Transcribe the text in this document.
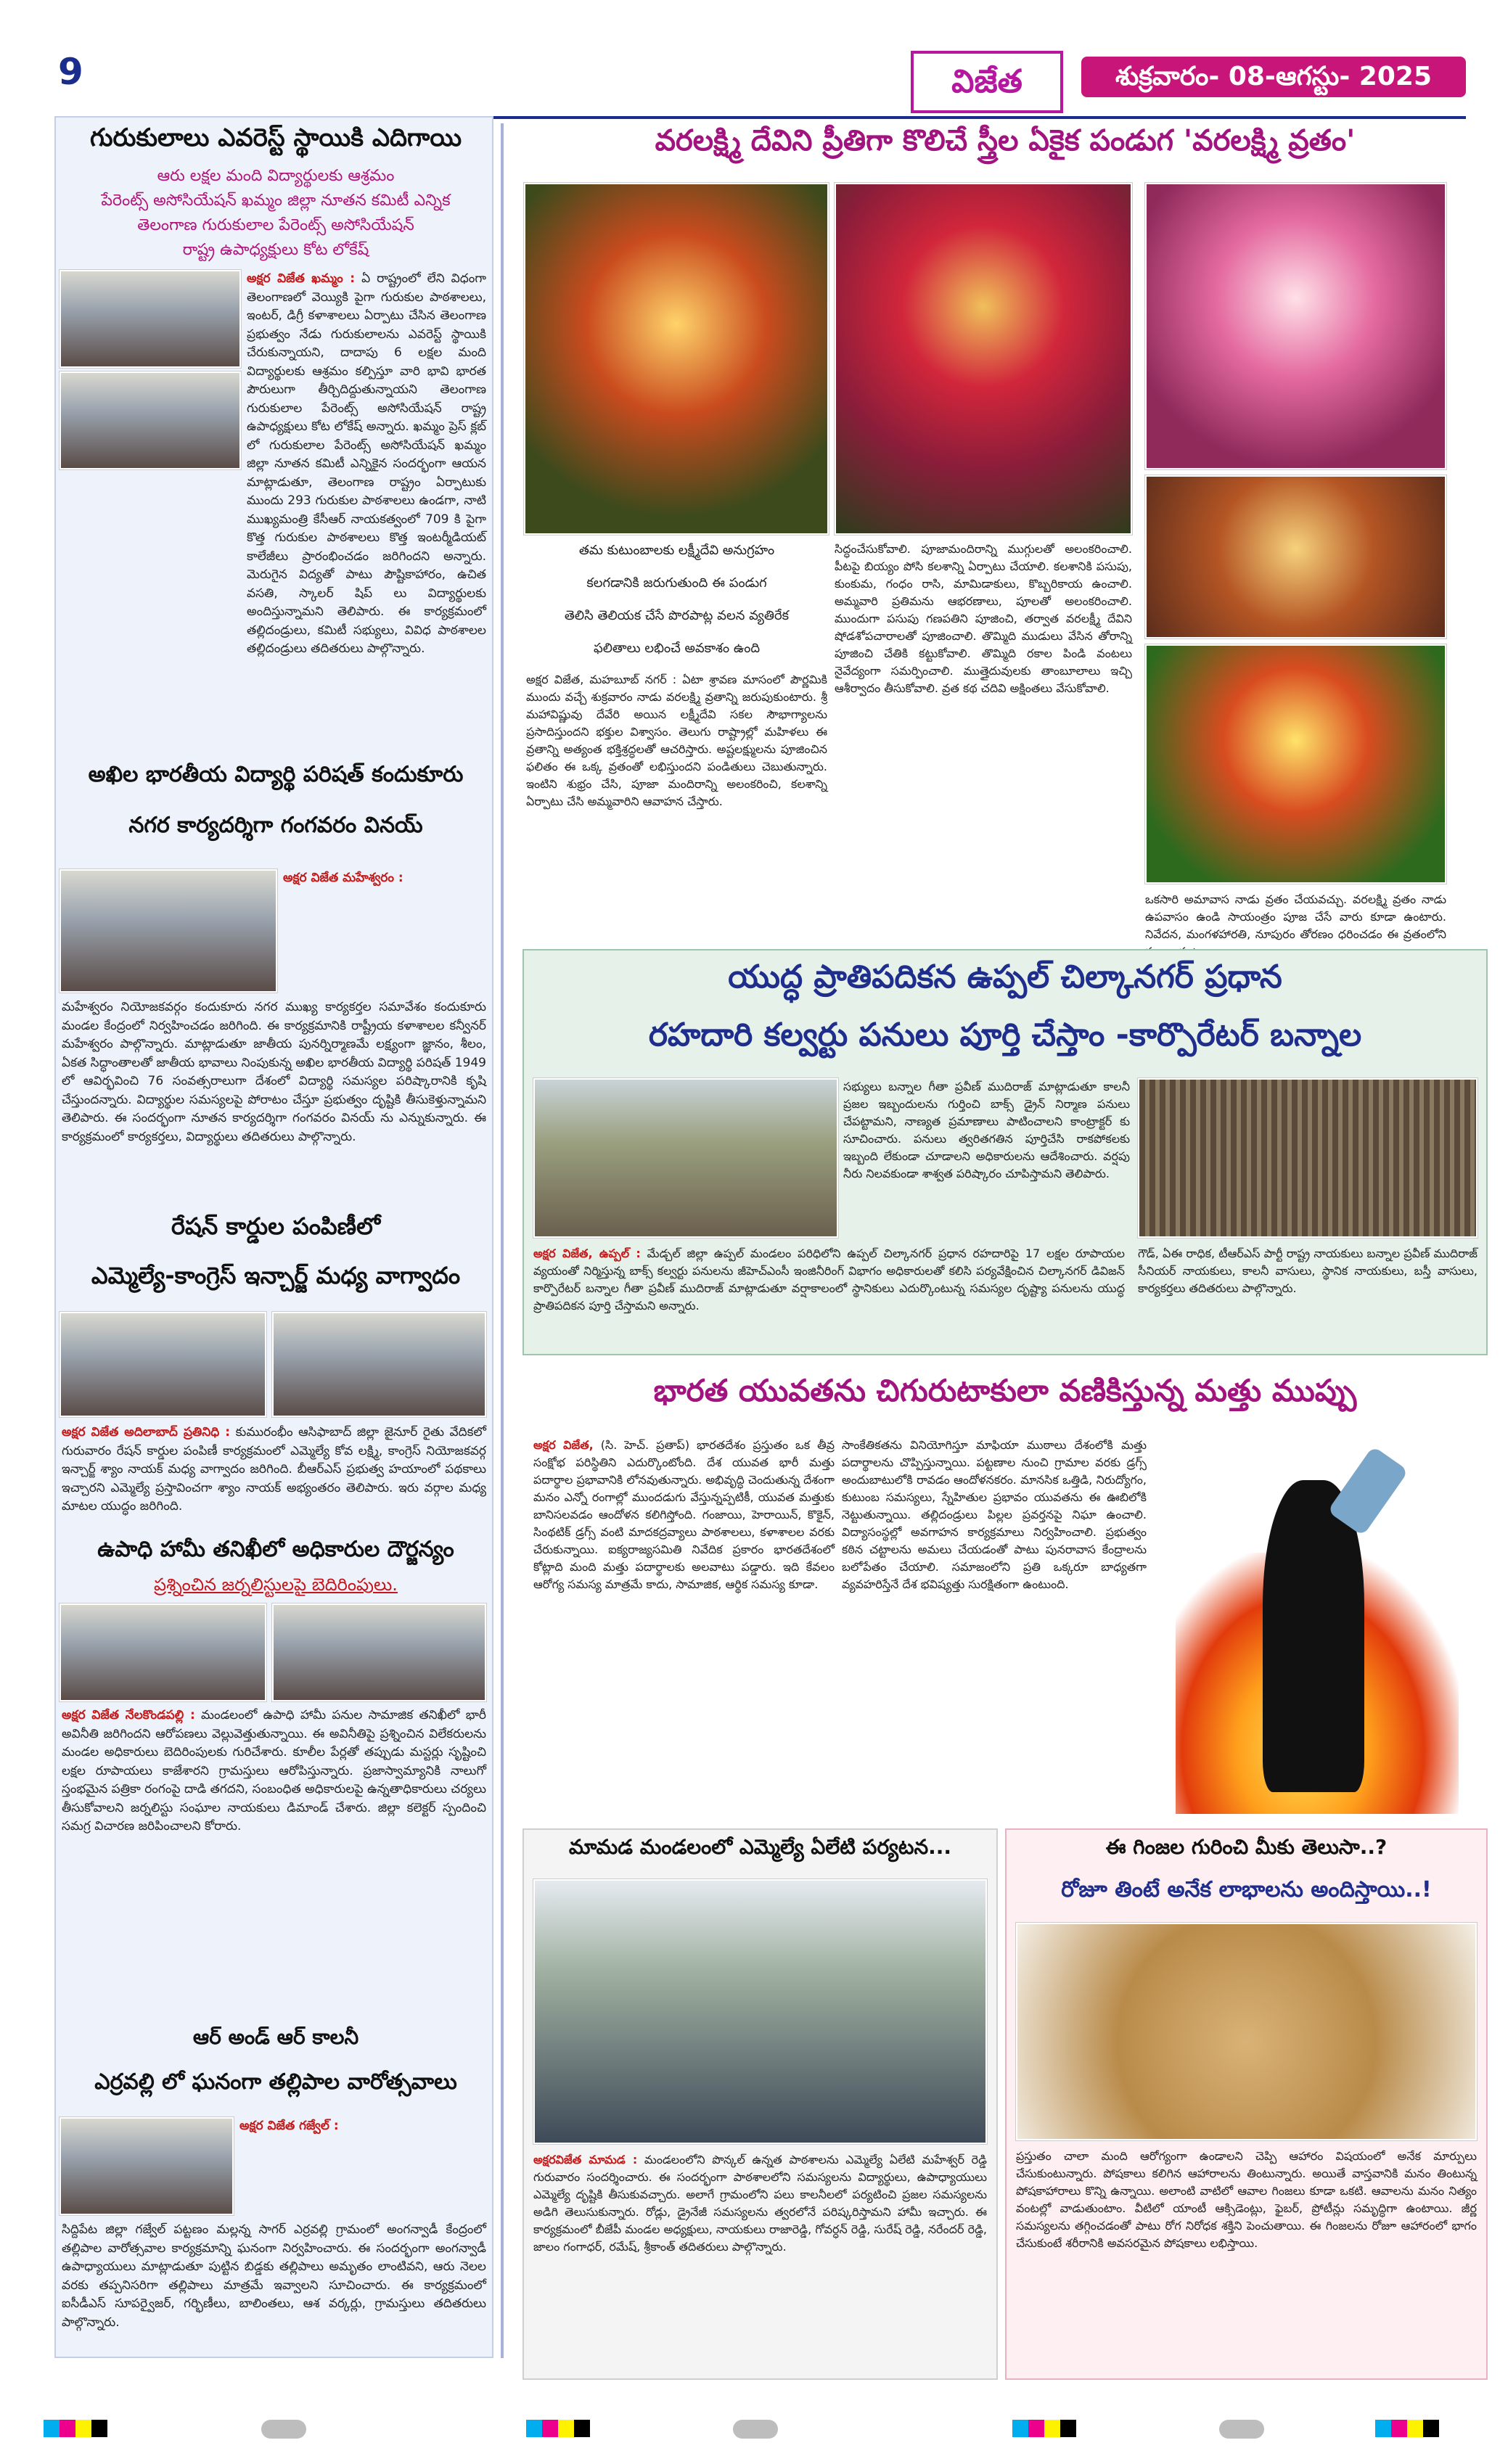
9	విజేత	శుక్రవారం- 08-ఆగస్టు- 2025
గురుకులాలు ఎవరెస్ట్ స్థాయికి ఎదిగాయి
ఆరు లక్షల మంది విద్యార్థులకు ఆశ్రమం
పేరెంట్స్ అసోసియేషన్ ఖమ్మం జిల్లా నూతన కమిటీ ఎన్నిక
తెలంగాణ గురుకులాల పేరెంట్స్ అసోసియేషన్
రాష్ట్ర ఉపాధ్యక్షులు కోట లోకేష్
అక్షర విజేత ఖమ్మం : ఏ రాష్ట్రంలో లేని విధంగా తెలంగాణలో వెయ్యికి పైగా గురుకుల పాఠశాలలు, ఇంటర్, డిగ్రీ కళాశాలలు ఏర్పాటు చేసిన తెలంగాణ ప్రభుత్వం నేడు గురుకులాలను ఎవరెస్ట్ స్థాయికి చేరుకున్నాయని, దాదాపు 6 లక్షల మంది విద్యార్థులకు ఆశ్రమం కల్పిస్తూ వారి భావి భారత పౌరులుగా తీర్చిదిద్దుతున్నాయని తెలంగాణ గురుకులాల పేరెంట్స్ అసోసియేషన్ రాష్ట్ర ఉపాధ్యక్షులు కోట లోకేష్ అన్నారు. ఖమ్మం ప్రెస్ క్లబ్ లో గురుకులాల పేరెంట్స్ అసోసియేషన్ ఖమ్మం జిల్లా నూతన కమిటీ ఎన్నికైన సందర్భంగా ఆయన మాట్లాడుతూ, తెలంగాణ రాష్ట్రం ఏర్పాటుకు ముందు 293 గురుకుల పాఠశాలలు ఉండగా, నాటి ముఖ్యమంత్రి కేసీఆర్ నాయకత్వంలో 709 కి పైగా కొత్త గురుకుల పాఠశాలలు కొత్త ఇంటర్మీడియట్ కాలేజీలు ప్రారంభించడం జరిగిందని అన్నారు. మెరుగైన విద్యతో పాటు పౌష్టికాహారం, ఉచిత వసతి, స్కాలర్ షిప్ లు విద్యార్థులకు అందిస్తున్నామని తెలిపారు. ఈ కార్యక్రమంలో తల్లిదండ్రులు, కమిటీ సభ్యులు, వివిధ పాఠశాలల తల్లిదండ్రులు తదితరులు పాల్గొన్నారు.
అఖిల భారతీయ విద్యార్థి పరిషత్ కందుకూరు
నగర కార్యదర్శిగా గంగవరం వినయ్
అక్షర విజేత మహేశ్వరం :
మహేశ్వరం నియోజకవర్గం కందుకూరు నగర ముఖ్య కార్యకర్తల సమావేశం కందుకూరు మండల కేంద్రంలో నిర్వహించడం జరిగింది. ఈ కార్యక్రమానికి రాష్ట్రీయ కళాశాలల కన్వీనర్ మహేశ్వరం పాల్గొన్నారు. మాట్లాడుతూ జాతీయ పునర్నిర్మాణమే లక్ష్యంగా జ్ఞానం, శీలం, ఏకత సిద్ధాంతాలతో జాతీయ భావాలు నింపుకున్న అఖిల భారతీయ విద్యార్థి పరిషత్ 1949 లో ఆవిర్భవించి 76 సంవత్సరాలుగా దేశంలో విద్యార్థి సమస్యల పరిష్కారానికి కృషి చేస్తుందన్నారు. విద్యార్థుల సమస్యలపై పోరాటం చేస్తూ ప్రభుత్వం దృష్టికి తీసుకెళ్తున్నామని తెలిపారు. ఈ సందర్భంగా నూతన కార్యదర్శిగా గంగవరం వినయ్ ను ఎన్నుకున్నారు. ఈ కార్యక్రమంలో కార్యకర్తలు, విద్యార్థులు తదితరులు పాల్గొన్నారు.
రేషన్ కార్డుల పంపిణీలో
ఎమ్మెల్యే-కాంగ్రెస్ ఇన్చార్జ్ మధ్య వాగ్వాదం
అక్షర విజేత అదిలాబాద్ ప్రతినిధి : కుమురంభీం ఆసిఫాబాద్ జిల్లా జైనూర్ రైతు వేదికలో గురువారం రేషన్ కార్డుల పంపిణీ కార్యక్రమంలో ఎమ్మెల్యే కోవ లక్ష్మి, కాంగ్రెస్ నియోజకవర్గ ఇన్చార్జ్ శ్యాం నాయక్ మధ్య వాగ్వాదం జరిగింది. బీఆర్ఎస్ ప్రభుత్వ హయాంలో పథకాలు ఇచ్చారని ఎమ్మెల్యే ప్రస్తావించగా శ్యాం నాయక్ అభ్యంతరం తెలిపారు. ఇరు వర్గాల మధ్య మాటల యుద్ధం జరిగింది.
ఉపాధి హామీ తనిఖీలో అధికారుల దౌర్జన్యం
ప్రశ్నించిన జర్నలిస్టులపై బెదిరింపులు.
అక్షర విజేత నేలకొండపల్లి : మండలంలో ఉపాధి హామీ పనుల సామాజిక తనిఖీలో భారీ అవినీతి జరిగిందని ఆరోపణలు వెల్లువెత్తుతున్నాయి. ఈ అవినీతిపై ప్రశ్నించిన విలేకరులను మండల అధికారులు బెదిరింపులకు గురిచేశారు. కూలీల పేర్లతో తప్పుడు మస్టర్లు సృష్టించి లక్షల రూపాయలు కాజేశారని గ్రామస్తులు ఆరోపిస్తున్నారు. ప్రజాస్వామ్యానికి నాలుగో స్తంభమైన పత్రికా రంగంపై దాడి తగదని, సంబంధిత అధికారులపై ఉన్నతాధికారులు చర్యలు తీసుకోవాలని జర్నలిస్టు సంఘాల నాయకులు డిమాండ్ చేశారు. జిల్లా కలెక్టర్ స్పందించి సమగ్ర విచారణ జరిపించాలని కోరారు.
ఆర్ అండ్ ఆర్ కాలనీ
ఎర్రవల్లి లో ఘనంగా తల్లిపాల వారోత్సవాలు
అక్షర విజేత గజ్వేల్ :
సిద్దిపేట జిల్లా గజ్వేల్ పట్టణం మల్లన్న సాగర్ ఎర్రవల్లి గ్రామంలో అంగన్వాడీ కేంద్రంలో తల్లిపాల వారోత్సవాల కార్యక్రమాన్ని ఘనంగా నిర్వహించారు. ఈ సందర్భంగా అంగన్వాడీ ఉపాధ్యాయులు మాట్లాడుతూ పుట్టిన బిడ్డకు తల్లిపాలు అమృతం లాంటివని, ఆరు నెలల వరకు తప్పనిసరిగా తల్లిపాలు మాత్రమే ఇవ్వాలని సూచించారు. ఈ కార్యక్రమంలో ఐసీడీఎస్ సూపర్వైజర్, గర్భిణీలు, బాలింతలు, ఆశ వర్కర్లు, గ్రామస్తులు తదితరులు పాల్గొన్నారు.
వరలక్ష్మి దేవిని ప్రీతిగా కొలిచే స్త్రీల ఏకైక పండుగ 'వరలక్ష్మి వ్రతం'
తమ కుటుంబాలకు లక్ష్మీదేవి అనుగ్రహం
కలగడానికి జరుగుతుంది ఈ పండుగ
తెలిసి తెలియక చేసే పొరపాట్ల వలన వ్యతిరేక
ఫలితాలు లభించే అవకాశం ఉంది
అక్షర విజేత, మహబూబ్ నగర్ : ఏటా శ్రావణ మాసంలో పౌర్ణమికి ముందు వచ్చే శుక్రవారం నాడు వరలక్ష్మి వ్రతాన్ని జరుపుకుంటారు. శ్రీ మహావిష్ణువు దేవేరి అయిన లక్ష్మీదేవి సకల సౌభాగ్యాలను ప్రసాదిస్తుందని భక్తుల విశ్వాసం. తెలుగు రాష్ట్రాల్లో మహిళలు ఈ వ్రతాన్ని అత్యంత భక్తిశ్రద్ధలతో ఆచరిస్తారు. అష్టలక్ష్ములను పూజించిన ఫలితం ఈ ఒక్క వ్రతంతో లభిస్తుందని పండితులు చెబుతున్నారు. ఇంటిని శుభ్రం చేసి, పూజా మందిరాన్ని అలంకరించి, కలశాన్ని ఏర్పాటు చేసి అమ్మవారిని ఆవాహన చేస్తారు.
సిద్ధంచేసుకోవాలి. పూజామందిరాన్ని ముగ్గులతో అలంకరించాలి. పీటపై బియ్యం పోసి కలశాన్ని ఏర్పాటు చేయాలి. కలశానికి పసుపు, కుంకుమ, గంధం రాసి, మామిడాకులు, కొబ్బరికాయ ఉంచాలి. అమ్మవారి ప్రతిమను ఆభరణాలు, పూలతో అలంకరించాలి. ముందుగా పసుపు గణపతిని పూజించి, తర్వాత వరలక్ష్మీ దేవిని షోడశోపచారాలతో పూజించాలి. తొమ్మిది ముడులు వేసిన తోరాన్ని పూజించి చేతికి కట్టుకోవాలి. తొమ్మిది రకాల పిండి వంటలు నైవేద్యంగా సమర్పించాలి. ముత్తైదువులకు తాంబూలాలు ఇచ్చి ఆశీర్వాదం తీసుకోవాలి. వ్రత కథ చదివి అక్షింతలు వేసుకోవాలి.
ఒకసారి అమావాస నాడు వ్రతం చేయవచ్చు. వరలక్ష్మి వ్రతం నాడు ఉపవాసం ఉండి సాయంత్రం పూజ చేసే వారు కూడా ఉంటారు. నివేదన, మంగళహారతి, నూపురం తోరణం ధరించడం ఈ వ్రతంలోని
యుద్ధ ప్రాతిపదికన ఉప్పల్ చిల్కానగర్ ప్రధాన
రహదారి కల్వర్టు పనులు పూర్తి చేస్తాం -కార్పొరేటర్ బన్నాల
సభ్యులు బన్నాల గీతా ప్రవీణ్ ముదిరాజ్ మాట్లాడుతూ కాలనీ ప్రజల ఇబ్బందులను గుర్తించి బాక్స్ డ్రైన్ నిర్మాణ పనులు చేపట్టామని, నాణ్యత ప్రమాణాలు పాటించాలని కాంట్రాక్టర్ కు సూచించారు. పనులు త్వరితగతిన పూర్తిచేసి రాకపోకలకు ఇబ్బంది లేకుండా చూడాలని అధికారులను ఆదేశించారు. వర్షపు నీరు నిలవకుండా శాశ్వత పరిష్కారం చూపిస్తామని తెలిపారు.
అక్షర విజేత, ఉప్పల్ : మేడ్చల్ జిల్లా ఉప్పల్ మండలం పరిధిలోని ఉప్పల్ చిల్కానగర్ ప్రధాన రహదారిపై 17 లక్షల రూపాయల వ్యయంతో నిర్మిస్తున్న బాక్స్ కల్వర్టు పనులను జీహెచ్ఎంసీ ఇంజినీరింగ్ విభాగం అధికారులతో కలిసి పర్యవేక్షించిన చిల్కానగర్ డివిజన్ కార్పొరేటర్ బన్నాల గీతా ప్రవీణ్ ముదిరాజ్ మాట్లాడుతూ వర్షాకాలంలో స్థానికులు ఎదుర్కొంటున్న సమస్యల దృష్ట్యా పనులను యుద్ధ ప్రాతిపదికన పూర్తి చేస్తామని అన్నారు.
గౌడ్, ఏఈ రాధిక, టీఆర్ఎస్ పార్టీ రాష్ట్ర నాయకులు బన్నాల ప్రవీణ్ ముదిరాజ్ సీనియర్ నాయకులు, కాలనీ వాసులు, స్థానిక నాయకులు, బస్తీ వాసులు, కార్యకర్తలు తదితరులు పాల్గొన్నారు.
భారత యువతను చిగురుటాకులా వణికిస్తున్న మత్తు ముప్పు
అక్షర విజేత, (సి. హెచ్. ప్రతాప్) భారతదేశం ప్రస్తుతం ఒక తీవ్ర సంక్షోభ పరిస్థితిని ఎదుర్కొంటోంది. దేశ యువత భారీ మత్తు పదార్థాల ప్రభావానికి లోనవుతున్నారు. అభివృద్ధి చెందుతున్న దేశంగా మనం ఎన్నో రంగాల్లో ముందడుగు వేస్తున్నప్పటికీ, యువత మత్తుకు బానిసలవడం ఆందోళన కలిగిస్తోంది. గంజాయి, హెరాయిన్, కొకైన్, సింథటిక్ డ్రగ్స్ వంటి మాదకద్రవ్యాలు పాఠశాలలు, కళాశాలల వరకు చేరుకున్నాయి. ఐక్యరాజ్యసమితి నివేదిక ప్రకారం భారతదేశంలో కోట్లాది మంది మత్తు పదార్థాలకు అలవాటు పడ్డారు. ఇది కేవలం ఆరోగ్య సమస్య మాత్రమే కాదు, సామాజిక, ఆర్థిక సమస్య కూడా.
సాంకేతికతను వినియోగిస్తూ మాఫియా ముఠాలు దేశంలోకి మత్తు పదార్థాలను చొప్పిస్తున్నాయి. పట్టణాల నుంచి గ్రామాల వరకు డ్రగ్స్ అందుబాటులోకి రావడం ఆందోళనకరం. మానసిక ఒత్తిడి, నిరుద్యోగం, కుటుంబ సమస్యలు, స్నేహితుల ప్రభావం యువతను ఈ ఊబిలోకి నెట్టుతున్నాయి. తల్లిదండ్రులు పిల్లల ప్రవర్తనపై నిఘా ఉంచాలి. విద్యాసంస్థల్లో అవగాహన కార్యక్రమాలు నిర్వహించాలి. ప్రభుత్వం కఠిన చట్టాలను అమలు చేయడంతో పాటు పునరావాస కేంద్రాలను బలోపేతం చేయాలి. సమాజంలోని ప్రతి ఒక్కరూ బాధ్యతగా వ్యవహరిస్తేనే దేశ భవిష్యత్తు సురక్షితంగా ఉంటుంది.
మామడ మండలంలో ఎమ్మెల్యే ఏలేటి పర్యటన...
అక్షరవిజేత మామడ : మండలంలోని పొన్కల్ ఉన్నత పాఠశాలను ఎమ్మెల్యే ఏలేటి మహేశ్వర్ రెడ్డి గురువారం సందర్శించారు. ఈ సందర్భంగా పాఠశాలలోని సమస్యలను విద్యార్థులు, ఉపాధ్యాయులు ఎమ్మెల్యే దృష్టికి తీసుకువచ్చారు. అలాగే గ్రామంలోని పలు కాలనీలలో పర్యటించి ప్రజల సమస్యలను అడిగి తెలుసుకున్నారు. రోడ్లు, డ్రైనేజీ సమస్యలను త్వరలోనే పరిష్కరిస్తామని హామీ ఇచ్చారు. ఈ కార్యక్రమంలో బీజేపీ మండల అధ్యక్షులు, నాయకులు రాజారెడ్డి, గోవర్ధన్ రెడ్డి, సురేష్ రెడ్డి, నరేందర్ రెడ్డి, జాలం గంగాధర్, రమేష్, శ్రీకాంత్ తదితరులు పాల్గొన్నారు.
ఈ గింజల గురించి మీకు తెలుసా..?
రోజూ తింటే అనేక లాభాలను అందిస్తాయి..!
ప్రస్తుతం చాలా మంది ఆరోగ్యంగా ఉండాలని చెప్పి ఆహారం విషయంలో అనేక మార్పులు చేసుకుంటున్నారు. పోషకాలు కలిగిన ఆహారాలను తింటున్నారు. అయితే వాస్తవానికి మనం తింటున్న పోషకాహారాలు కొన్ని ఉన్నాయి. అలాంటి వాటిలో ఆవాల గింజలు కూడా ఒకటి. ఆవాలను మనం నిత్యం వంటల్లో వాడుతుంటాం. వీటిలో యాంటీ ఆక్సిడెంట్లు, ఫైబర్, ప్రోటీన్లు సమృద్ధిగా ఉంటాయి. జీర్ణ సమస్యలను తగ్గించడంతో పాటు రోగ నిరోధక శక్తిని పెంచుతాయి. ఈ గింజలను రోజూ ఆహారంలో భాగం చేసుకుంటే శరీరానికి అవసరమైన పోషకాలు లభిస్తాయి.
